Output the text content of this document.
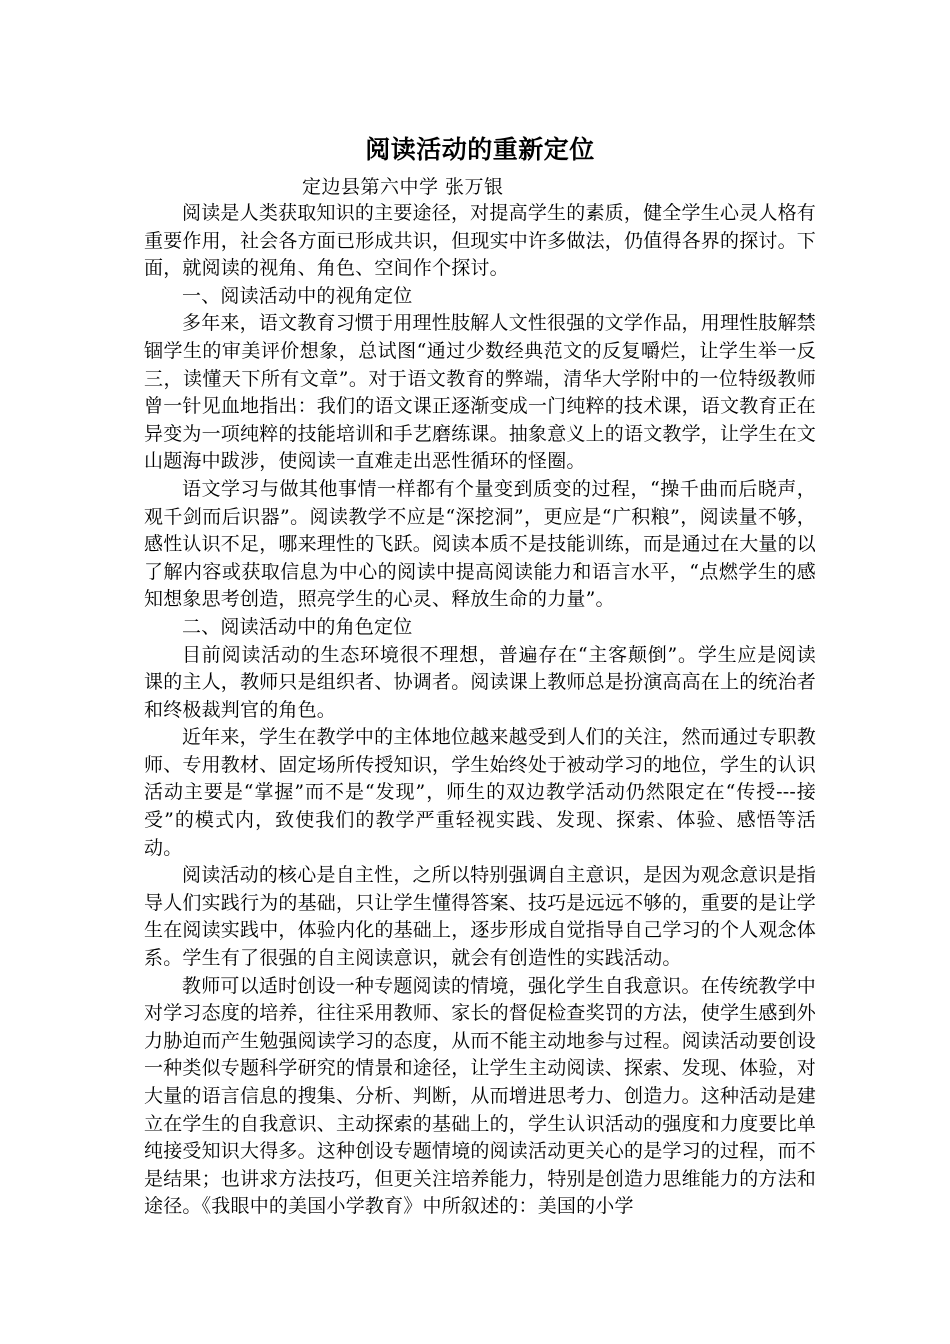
阅读活动的重新定位

定边县第六中学 张万银

阅读是人类获取知识的主要途径，对提高学生的素质，健全学生心灵人格有重要作用，社会各方面已形成共识，但现实中许多做法，仍值得各界的探讨。下面，就阅读的视角、角色、空间作个探讨。

一、阅读活动中的视角定位

多年来，语文教育习惯于用理性肢解人文性很强的文学作品，用理性肢解禁锢学生的审美评价想象，总试图“通过少数经典范文的反复嚼烂，让学生举一反三，读懂天下所有文章”。对于语文教育的弊端，清华大学附中的一位特级教师曾一针见血地指出：我们的语文课正逐渐变成一门纯粹的技术课，语文教育正在异变为一项纯粹的技能培训和手艺磨练课。抽象意义上的语文教学，让学生在文山题海中跋涉，使阅读一直难走出恶性循环的怪圈。

语文学习与做其他事情一样都有个量变到质变的过程，“操千曲而后晓声，观千剑而后识器”。阅读教学不应是“深挖洞”，更应是“广积粮”，阅读量不够，感性认识不足，哪来理性的飞跃。阅读本质不是技能训练，而是通过在大量的以了解内容或获取信息为中心的阅读中提高阅读能力和语言水平，“点燃学生的感知想象思考创造，照亮学生的心灵、释放生命的力量”。

二、阅读活动中的角色定位

目前阅读活动的生态环境很不理想，普遍存在“主客颠倒”。学生应是阅读课的主人，教师只是组织者、协调者。阅读课上教师总是扮演高高在上的统治者和终极裁判官的角色。

近年来，学生在教学中的主体地位越来越受到人们的关注，然而通过专职教师、专用教材、固定场所传授知识，学生始终处于被动学习的地位，学生的认识活动主要是“掌握”而不是“发现”，师生的双边教学活动仍然限定在“传授---接受”的模式内，致使我们的教学严重轻视实践、发现、探索、体验、感悟等活动。

阅读活动的核心是自主性，之所以特别强调自主意识，是因为观念意识是指导人们实践行为的基础，只让学生懂得答案、技巧是远远不够的，重要的是让学生在阅读实践中，体验内化的基础上，逐步形成自觉指导自己学习的个人观念体系。学生有了很强的自主阅读意识，就会有创造性的实践活动。

教师可以适时创设一种专题阅读的情境，强化学生自我意识。在传统教学中对学习态度的培养，往往采用教师、家长的督促检查奖罚的方法，使学生感到外力胁迫而产生勉强阅读学习的态度，从而不能主动地参与过程。阅读活动要创设一种类似专题科学研究的情景和途径，让学生主动阅读、探索、发现、体验，对大量的语言信息的搜集、分析、判断，从而增进思考力、创造力。这种活动是建立在学生的自我意识、主动探索的基础上的，学生认识活动的强度和力度要比单纯接受知识大得多。这种创设专题情境的阅读活动更关心的是学习的过程，而不是结果；也讲求方法技巧，但更关注培养能力，特别是创造力思维能力的方法和途径。《我眼中的美国小学教育》中所叙述的：美国的小学
